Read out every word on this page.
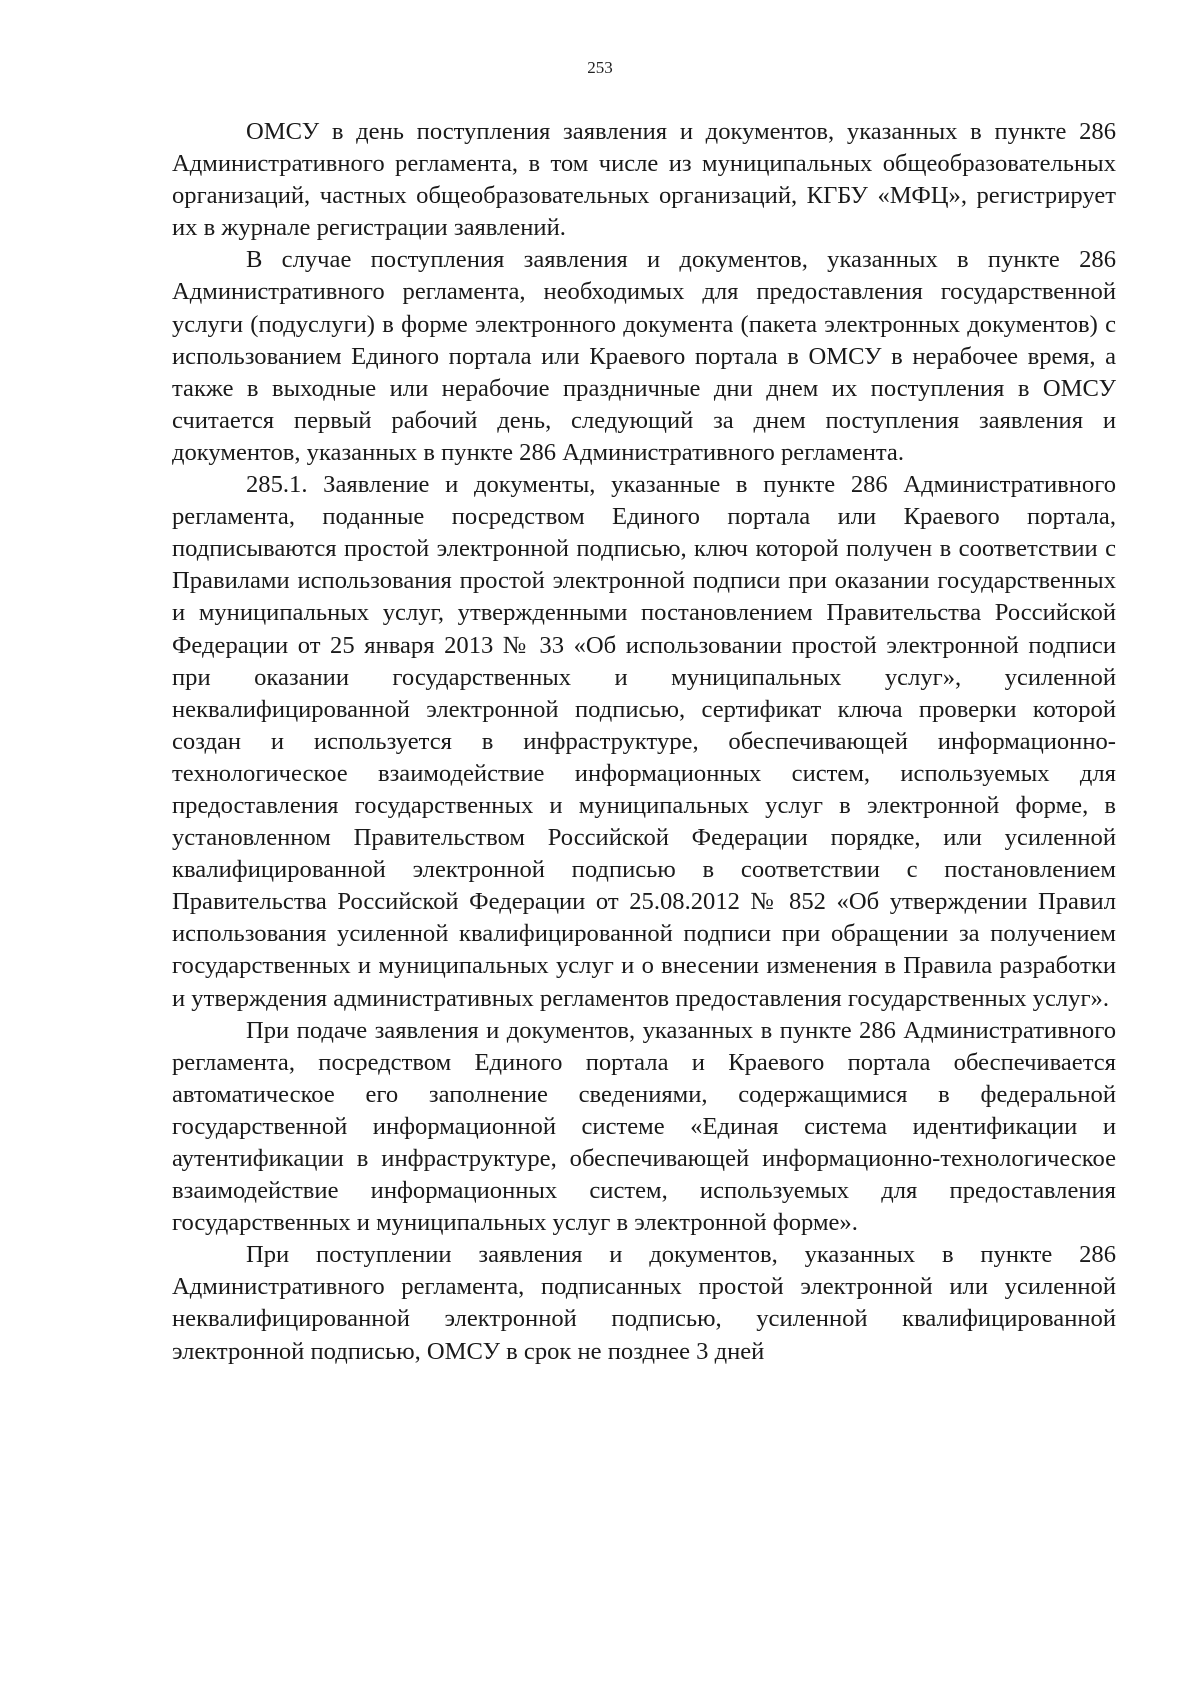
253

ОМСУ в день поступления заявления и документов, указанных в пункте 286 Административного регламента, в том числе из муниципальных общеобразовательных организаций, частных общеобразовательных организаций, КГБУ «МФЦ», регистрирует их в журнале регистрации заявлений.

В случае поступления заявления и документов, указанных в пункте 286 Административного регламента, необходимых для предоставления государственной услуги (подуслуги) в форме электронного документа (пакета электронных документов) с использованием Единого портала или Краевого портала в ОМСУ в нерабочее время, а также в выходные или нерабочие праздничные дни днем их поступления в ОМСУ считается первый рабочий день, следующий за днем поступления заявления и документов, указанных в пункте 286 Административного регламента.

285.1. Заявление и документы, указанные в пункте 286 Административного регламента, поданные посредством Единого портала или Краевого портала, подписываются простой электронной подписью, ключ которой получен в соответствии с Правилами использования простой электронной подписи при оказании государственных и муниципальных услуг, утвержденными постановлением Правительства Российской Федерации от 25 января 2013 № 33 «Об использовании простой электронной подписи при оказании государственных и муниципальных услуг», усиленной неквалифицированной электронной подписью, сертификат ключа проверки которой создан и используется в инфраструктуре, обеспечивающей информационно-технологическое взаимодействие информационных систем, используемых для предоставления государственных и муниципальных услуг в электронной форме, в установленном Правительством Российской Федерации порядке, или усиленной квалифицированной электронной подписью в соответствии с постановлением Правительства Российской Федерации от 25.08.2012 № 852 «Об утверждении Правил использования усиленной квалифицированной подписи при обращении за получением государственных и муниципальных услуг и о внесении изменения в Правила разработки и утверждения административных регламентов предоставления государственных услуг».

При подаче заявления и документов, указанных в пункте 286 Административного регламента, посредством Единого портала и Краевого портала обеспечивается автоматическое его заполнение сведениями, содержащимися в федеральной государственной информационной системе «Единая система идентификации и аутентификации в инфраструктуре, обеспечивающей информационно-технологическое взаимодействие информационных систем, используемых для предоставления государственных и муниципальных услуг в электронной форме».

При поступлении заявления и документов, указанных в пункте 286 Административного регламента, подписанных простой электронной или усиленной неквалифицированной электронной подписью, усиленной квалифицированной электронной подписью, ОМСУ в срок не позднее 3 дней
